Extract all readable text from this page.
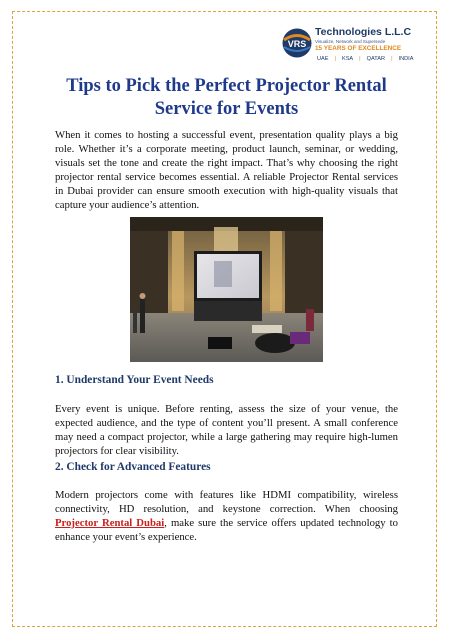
VRS
Technologies L.L.C
Visualize, Network and Supersede
15 YEARS OF EXCELLENCE
UAE | KSA | QATAR | INDIA
Tips to Pick the Perfect Projector Rental Service for Events

When it comes to hosting a successful event, presentation quality plays a big role. Whether it’s a corporate meeting, product launch, seminar, or wedding, visuals set the tone and create the right impact. That’s why choosing the right projector rental service becomes essential. A reliable Projector Rental services in Dubai provider can ensure smooth execution with high-quality visuals that capture your audience’s attention.

1. Understand Your Event Needs

Every event is unique. Before renting, assess the size of your venue, the expected audience, and the type of content you’ll present. A small conference may need a compact projector, while a large gathering may require high-lumen projectors for clear visibility.

2. Check for Advanced Features

Modern projectors come with features like HDMI compatibility, wireless connectivity, HD resolution, and keystone correction. When choosing Projector Rental Dubai, make sure the service offers updated technology to enhance your event’s experience.
